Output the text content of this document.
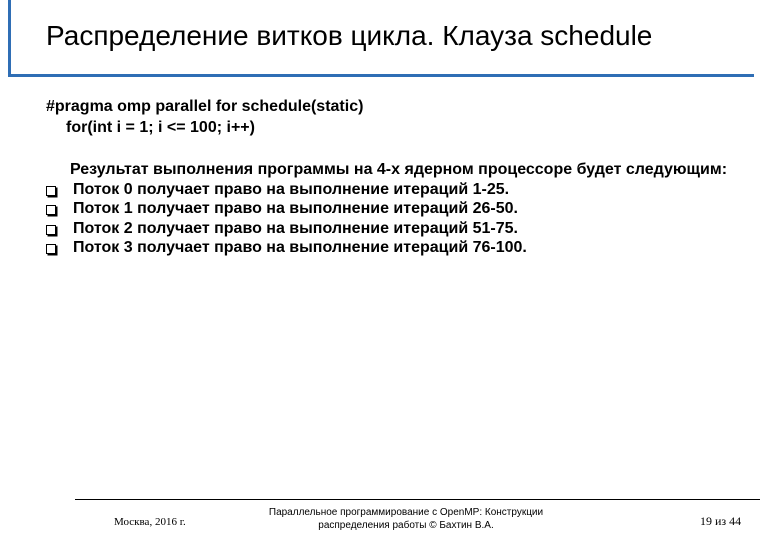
Распределение витков цикла. Клауза schedule
#pragma omp parallel for schedule(static)
for(int i = 1; i <= 100; i++)
Результат выполнения программы на 4-х ядерном процессоре будет следующим:
Поток 0 получает право на выполнение итераций 1-25.
Поток 1 получает право на выполнение итераций 26-50.
Поток 2 получает право на выполнение итераций 51-75.
Поток 3 получает право на выполнение итераций 76-100.
Москва, 2016 г.
Параллельное программирование с OpenMP: Конструкции
распределения работы © Бахтин В.А.	19 из 44
